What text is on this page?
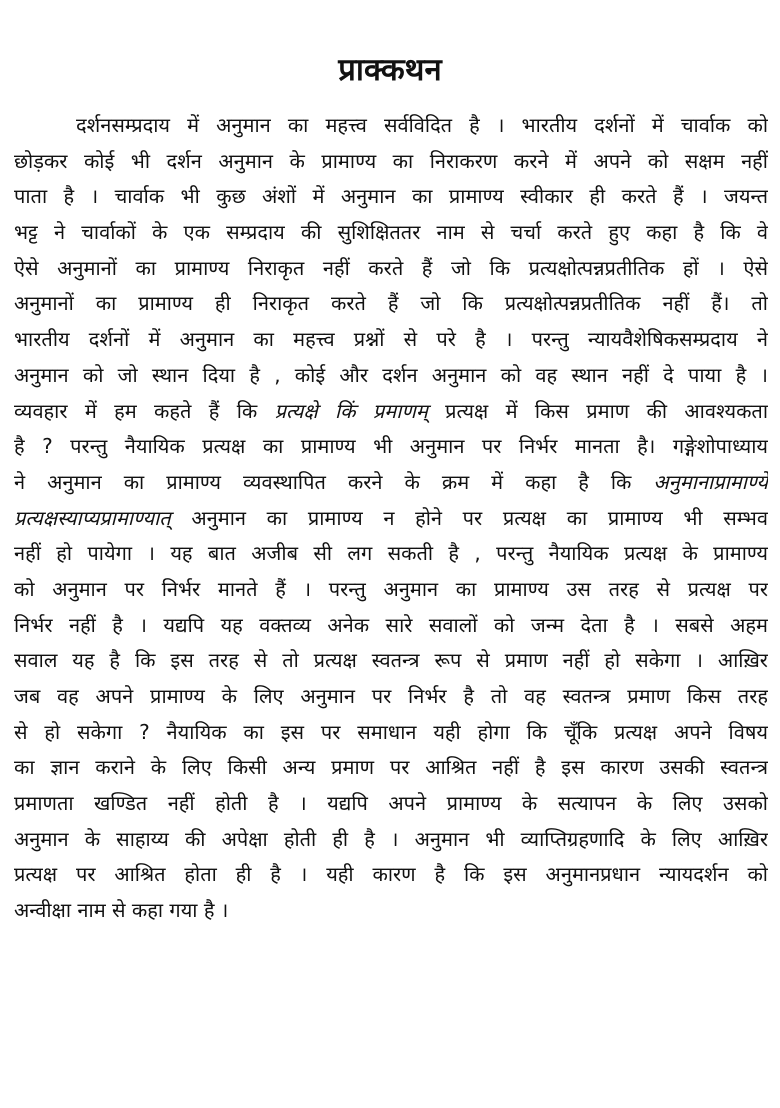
प्राक्कथन
दर्शनसम्प्रदाय में अनुमान का महत्त्व सर्वविदित है । भारतीय दर्शनों में चार्वाक को
छोड़कर कोई भी दर्शन अनुमान के प्रामाण्य का निराकरण करने में अपने को सक्षम नहीं
पाता है । चार्वाक भी कुछ अंशों में अनुमान का प्रामाण्य स्वीकार ही करते हैं । जयन्त
भट्ट ने चार्वाकों के एक सम्प्रदाय की सुशिक्षिततर नाम से चर्चा करते हुए कहा है कि वे
ऐसे अनुमानों का प्रामाण्य निराकृत नहीं करते हैं जो कि प्रत्यक्षोत्पन्नप्रतीतिक हों । ऐसे
अनुमानों का प्रामाण्य ही निराकृत करते हैं जो कि प्रत्यक्षोत्पन्नप्रतीतिक नहीं हैं। तो
भारतीय दर्शनों में अनुमान का महत्त्व प्रश्नों से परे है । परन्तु न्यायवैशेषिकसम्प्रदाय ने
अनुमान को जो स्थान दिया है , कोई और दर्शन अनुमान को वह स्थान नहीं दे पाया है ।
व्यवहार में हम कहते हैं कि प्रत्यक्षे किं प्रमाणम् प्रत्यक्ष में किस प्रमाण की आवश्यकता
है ? परन्तु नैयायिक प्रत्यक्ष का प्रामाण्य भी अनुमान पर निर्भर मानता है। गङ्गेशोपाध्याय
ने अनुमान का प्रामाण्य व्यवस्थापित करने के क्रम में कहा है कि अनुमानाप्रामाण्ये
प्रत्यक्षस्याप्यप्रामाण्यात् अनुमान का प्रामाण्य न होने पर प्रत्यक्ष का प्रामाण्य भी सम्भव
नहीं हो पायेगा । यह बात अजीब सी लग सकती है , परन्तु नैयायिक प्रत्यक्ष के प्रामाण्य
को अनुमान पर निर्भर मानते हैं । परन्तु अनुमान का प्रामाण्य उस तरह से प्रत्यक्ष पर
निर्भर नहीं है । यद्यपि यह वक्तव्य अनेक सारे सवालों को जन्म देता है । सबसे अहम
सवाल यह है कि इस तरह से तो प्रत्यक्ष स्वतन्त्र रूप से प्रमाण नहीं हो सकेगा । आख़िर
जब वह अपने प्रामाण्य के लिए अनुमान पर निर्भर है तो वह स्वतन्त्र प्रमाण किस तरह
से हो सकेगा ? नैयायिक का इस पर समाधान यही होगा कि चूँकि प्रत्यक्ष अपने विषय
का ज्ञान कराने के लिए किसी अन्य प्रमाण पर आश्रित नहीं है इस कारण उसकी स्वतन्त्र
प्रमाणता खण्डित नहीं होती है । यद्यपि अपने प्रामाण्य के सत्यापन के लिए उसको
अनुमान के साहाय्य की अपेक्षा होती ही है । अनुमान भी व्याप्तिग्रहणादि के लिए आख़िर
प्रत्यक्ष पर आश्रित होता ही है । यही कारण है कि इस अनुमानप्रधान न्यायदर्शन को
अन्वीक्षा नाम से कहा गया है ।
